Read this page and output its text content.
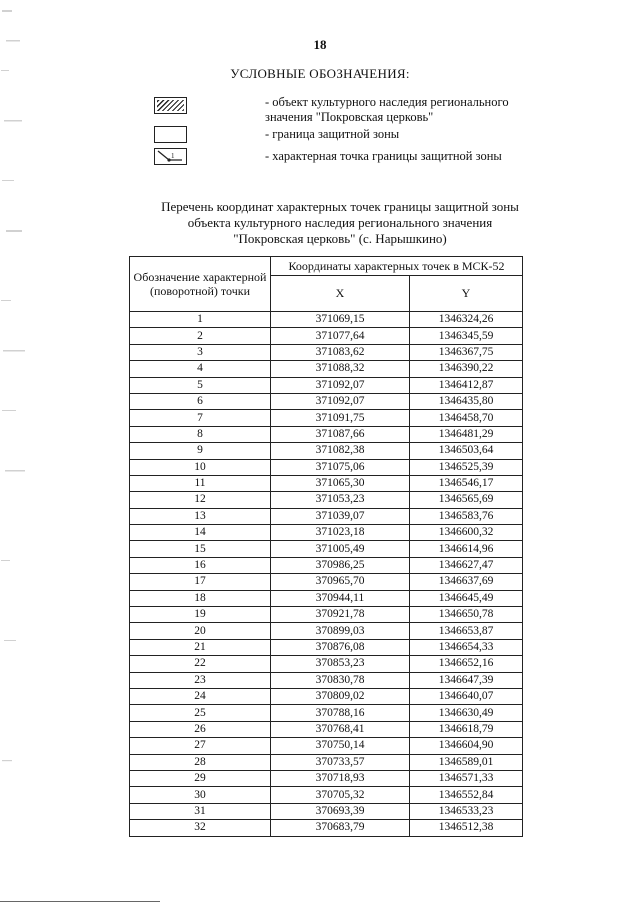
18
УСЛОВНЫЕ ОБОЗНАЧЕНИЯ:
- объект культурного наследия регионального
значения "Покровская церковь"
- граница защитной зоны
1	- характерная точка границы защитной зоны
Перечень координат характерных точек границы защитной зоны
объекта культурного наследия регионального значения
"Покровская церковь" (с. Нарышкино)
Обозначение характерной (поворотной) точки	Координаты характерных точек в МСК-52	
	X	Y
1	371069,15	1346324,26
2	371077,64	1346345,59
3	371083,62	1346367,75
4	371088,32	1346390,22
5	371092,07	1346412,87
6	371092,07	1346435,80
7	371091,75	1346458,70
8	371087,66	1346481,29
9	371082,38	1346503,64
10	371075,06	1346525,39
11	371065,30	1346546,17
12	371053,23	1346565,69
13	371039,07	1346583,76
14	371023,18	1346600,32
15	371005,49	1346614,96
16	370986,25	1346627,47
17	370965,70	1346637,69
18	370944,11	1346645,49
19	370921,78	1346650,78
20	370899,03	1346653,87
21	370876,08	1346654,33
22	370853,23	1346652,16
23	370830,78	1346647,39
24	370809,02	1346640,07
25	370788,16	1346630,49
26	370768,41	1346618,79
27	370750,14	1346604,90
28	370733,57	1346589,01
29	370718,93	1346571,33
30	370705,32	1346552,84
31	370693,39	1346533,23
32	370683,79	1346512,38
